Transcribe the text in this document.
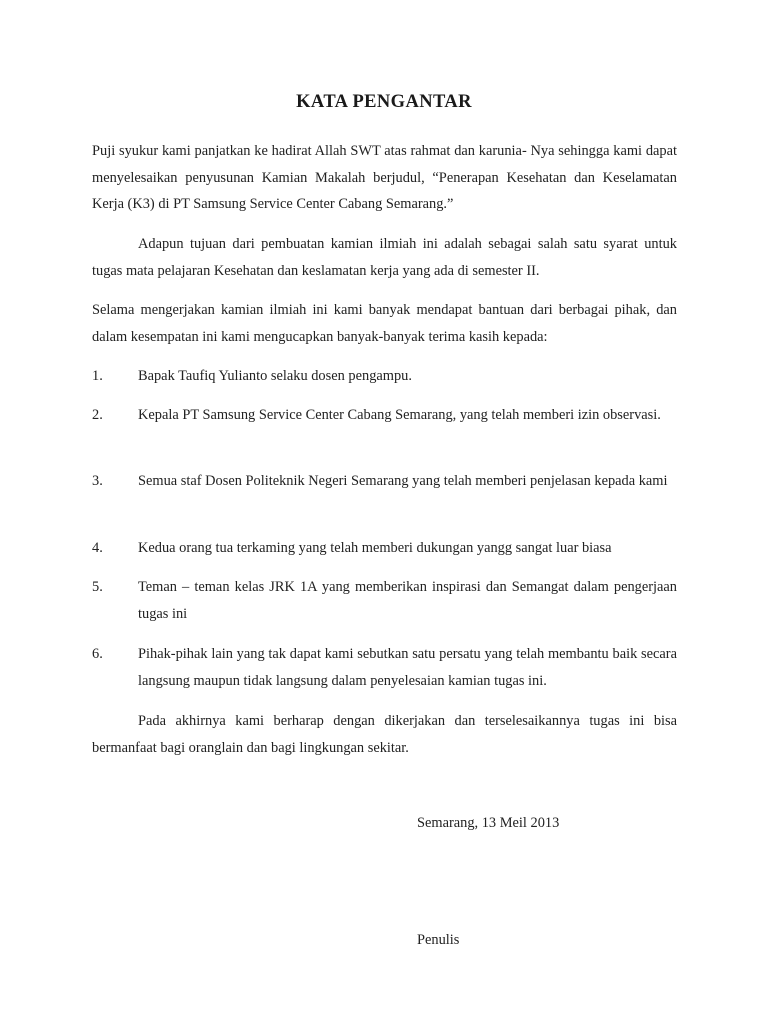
KATA PENGANTAR

Puji syukur kami panjatkan ke hadirat Allah SWT atas rahmat dan karunia- Nya sehingga kami dapat menyelesaikan penyusunan Kamian Makalah berjudul, “Penerapan Kesehatan dan Keselamatan Kerja (K3) di PT Samsung Service Center Cabang Semarang.”

Adapun tujuan dari pembuatan kamian ilmiah ini adalah sebagai salah satu syarat untuk tugas mata pelajaran Kesehatan dan keslamatan kerja yang ada di semester II.

Selama mengerjakan kamian ilmiah ini kami banyak mendapat bantuan dari berbagai pihak, dan dalam kesempatan ini kami mengucapkan banyak-banyak terima kasih kepada:

1.	Bapak Taufiq Yulianto selaku dosen pengampu.
2.	Kepala PT Samsung Service Center Cabang Semarang, yang telah memberi izin observasi.
3.	Semua staf Dosen Politeknik Negeri Semarang yang telah memberi penjelasan kepada kami
4.	Kedua orang tua terkaming yang telah memberi dukungan yangg sangat luar biasa
5.	Teman – teman kelas JRK 1A yang memberikan inspirasi dan Semangat dalam pengerjaan tugas ini
6.	Pihak-pihak lain yang tak dapat kami sebutkan satu persatu yang telah membantu baik secara langsung maupun tidak langsung dalam penyelesaian kamian tugas ini.

Pada akhirnya kami berharap dengan dikerjakan dan terselesaikannya tugas ini bisa bermanfaat bagi oranglain dan bagi lingkungan sekitar.

Semarang, 13 Meil 2013
Penulis
